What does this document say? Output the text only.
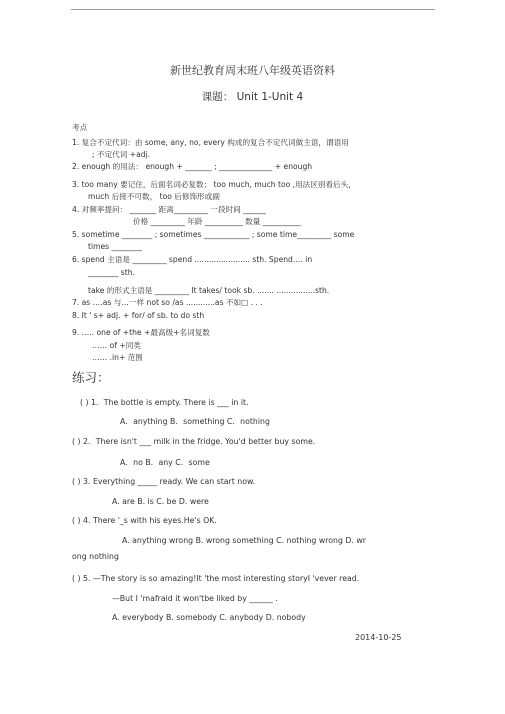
新世纪教育周末班八年级英语资料
课题： Unit 1-Unit 4
考点
1. 复合不定代词：由 some, any, no, every 构成的复合不定代词做主语，谓语用
; 不定代词 +adj.
2. enough 的用法： enough + _______ ; ______________ + enough
3. too many 要记住，后面名词必复数； too much, much too ,用法区别看后头，
much 后接不可数， too 后修饰形或副
4. 对频率提问： _______ 距离_________ 一段时间 ______
价格 _________ 年龄 __________ 数量 __________
5. sometime ________ ; sometimes ____________ ; some time_________ some
times ________
6. spend 主语是 _________ spend ....................... sth. Spend…. in
________ sth.
take 的形式主语是 _________ It takes/ took sb. ....... ................sth.
7. as ….as 与…一样 not so /as ............as 不如□ . . .
8. It ' s+ adj. + for/ of sb. to do sth
9. ….. one of +the +最高级+名词复数
…… of +同类
…… .in+ 范围
练习：
( ) 1．The bottle is empty. There is ___ in it.
A．anything B．something C．nothing
( ) 2．There isn't ___ milk in the fridge. You'd better buy some.
A．no B．any C．some
( ) 3. Everything _____ ready. We can start now.
A. are B. is C. be D. were
( ) 4. There '_s with his eyes.He's OK.
A. anything wrong B. wrong something C. nothing wrong D. wr
ong nothing
( ) 5. —The story is so amazing!It 'the most interesting storyI 'vever read.
—But I 'mafraid it won'tbe liked by ______ .
A. everybody B. somebody C. anybody D. nobody
2014-10-25
